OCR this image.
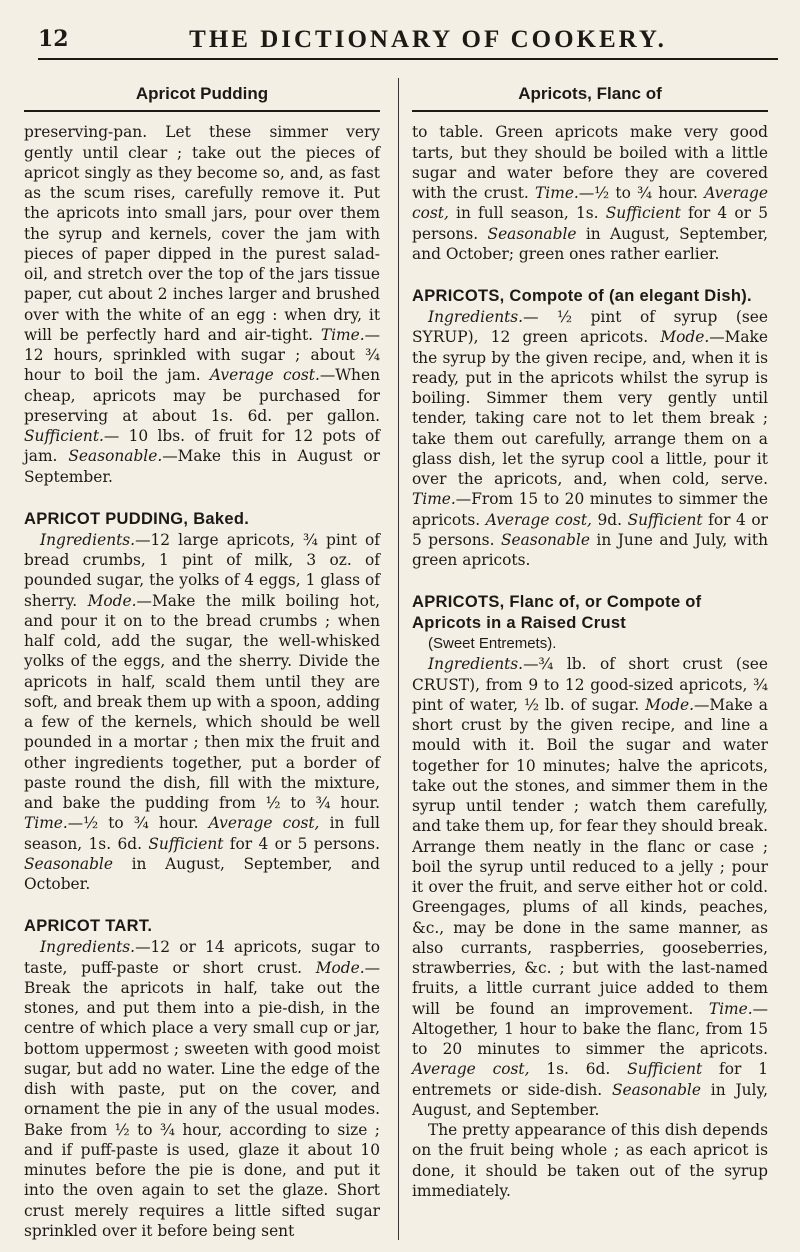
12	THE DICTIONARY OF COOKERY.
Apricot Pudding

preserving-pan. Let these simmer very gently until clear ; take out the pieces of apricot singly as they become so, and, as fast as the scum rises, carefully remove it. Put the apricots into small jars, pour over them the syrup and kernels, cover the jam with pieces of paper dipped in the purest salad-oil, and stretch over the top of the jars tissue paper, cut about 2 inches larger and brushed over with the white of an egg : when dry, it will be perfectly hard and air-tight. Time.—12 hours, sprinkled with sugar ; about ¾ hour to boil the jam. Average cost.—When cheap, apricots may be purchased for preserving at about 1s. 6d. per gallon. Sufficient.— 10 lbs. of fruit for 12 pots of jam. Seasonable.—Make this in August or September.

APRICOT PUDDING, Baked.

Ingredients.—12 large apricots, ¾ pint of bread crumbs, 1 pint of milk, 3 oz. of pounded sugar, the yolks of 4 eggs, 1 glass of sherry. Mode.—Make the milk boiling hot, and pour it on to the bread crumbs ; when half cold, add the sugar, the well-whisked yolks of the eggs, and the sherry. Divide the apricots in half, scald them until they are soft, and break them up with a spoon, adding a few of the kernels, which should be well pounded in a mortar ; then mix the fruit and other ingredients together, put a border of paste round the dish, fill with the mixture, and bake the pudding from ½ to ¾ hour. Time.—½ to ¾ hour. Average cost, in full season, 1s. 6d. Sufficient for 4 or 5 persons. Seasonable in August, September, and October.

APRICOT TART.

Ingredients.—12 or 14 apricots, sugar to taste, puff-paste or short crust. Mode.—Break the apricots in half, take out the stones, and put them into a pie-dish, in the centre of which place a very small cup or jar, bottom uppermost ; sweeten with good moist sugar, but add no water. Line the edge of the dish with paste, put on the cover, and ornament the pie in any of the usual modes. Bake from ½ to ¾ hour, according to size ; and if puff-paste is used, glaze it about 10 minutes before the pie is done, and put it into the oven again to set the glaze. Short crust merely requires a little sifted sugar sprinkled over it before being sent

Apricots, Flanc of

to table. Green apricots make very good tarts, but they should be boiled with a little sugar and water before they are covered with the crust. Time.—½ to ¾ hour. Average cost, in full season, 1s. Sufficient for 4 or 5 persons. Seasonable in August, September, and October; green ones rather earlier.

APRICOTS, Compote of (an elegant Dish).

Ingredients.— ½ pint of syrup (see SYRUP), 12 green apricots. Mode.—Make the syrup by the given recipe, and, when it is ready, put in the apricots whilst the syrup is boiling. Simmer them very gently until tender, taking care not to let them break ; take them out carefully, arrange them on a glass dish, let the syrup cool a little, pour it over the apricots, and, when cold, serve. Time.—From 15 to 20 minutes to simmer the apricots. Average cost, 9d. Sufficient for 4 or 5 persons. Seasonable in June and July, with green apricots.

APRICOTS, Flanc of, or Compote of Apricots in a Raised Crust
(Sweet Entremets).

Ingredients.—¾ lb. of short crust (see CRUST), from 9 to 12 good-sized apricots, ¾ pint of water, ½ lb. of sugar. Mode.—Make a short crust by the given recipe, and line a mould with it. Boil the sugar and water together for 10 minutes; halve the apricots, take out the stones, and simmer them in the syrup until tender ; watch them carefully, and take them up, for fear they should break. Arrange them neatly in the flanc or case ; boil the syrup until reduced to a jelly ; pour it over the fruit, and serve either hot or cold. Greengages, plums of all kinds, peaches, &c., may be done in the same manner, as also currants, raspberries, gooseberries, strawberries, &c. ; but with the last-named fruits, a little currant juice added to them will be found an improvement. Time.—Altogether, 1 hour to bake the flanc, from 15 to 20 minutes to simmer the apricots. Average cost, 1s. 6d. Sufficient for 1 entremets or side-dish. Seasonable in July, August, and September.

The pretty appearance of this dish depends on the fruit being whole ; as each apricot is done, it should be taken out of the syrup immediately.
